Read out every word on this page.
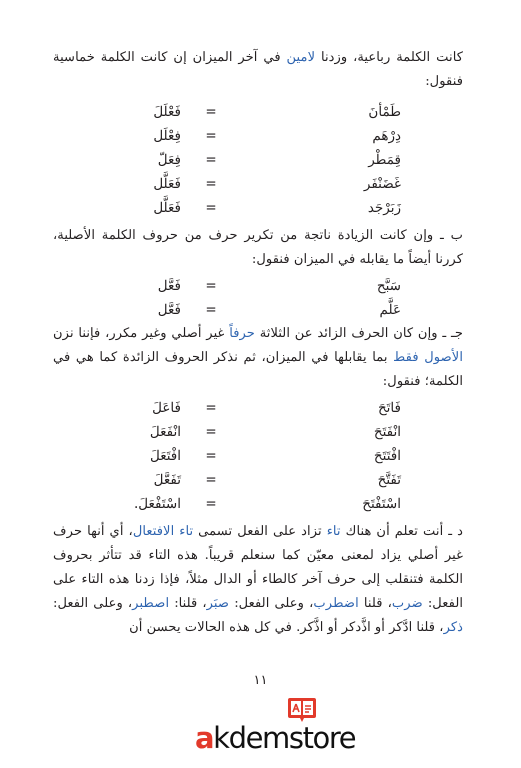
كانت الكلمة رباعية، وزدنا لامين في آخر الميزان إن كانت الكلمة خماسية فنقول:
طَمْأنَ
=
فَعْلَلَ
دِرْهَم
=
فِعْلَل
قِمَطْر
=
فِعَلّ
غَضَنْفَر
=
فَعَلَّل
زَبَرْجَد
=
فَعَلَّل
ب ـ وإن كانت الزيادة ناتجة من تكرير حرف من حروف الكلمة الأصلية، كررنا أيضاً ما يقابله في الميزان فنقول:
سَبَّح
=
فَعَّل
عَلَّم
=
فَعَّل
جـ ـ وإن كان الحرف الزائد عن الثلاثة حرفاً غير أصلي وغير مكرر، فإننا نزن الأصول فقط بما يقابلها في الميزان، ثم نذكر الحروف الزائدة كما هي في الكلمة؛ فنقول:
فَاتَحَ
=
فَاعَلَ
انْفَتَحَ
=
انْفَعَلَ
افْتَتَحَ
=
افْتَعَلَ
تَفَتَّحَ
=
تَفَعَّلَ
اسْتَفْتَحَ
=
اسْتَفْعَلَ.
د ـ أنت تعلم أن هناك تاء تزاد على الفعل تسمى تاء الافتعال، أي أنها حرف غير أصلي يزاد لمعنى معيّن كما سنعلم قريباً. هذه التاء قد تتأثر بحروف الكلمة فتنقلب إلى حرف آخر كالطاء أو الدال مثلاً، فإذا زدنا هذه التاء على الفعل: ضرب، قلنا اضطرب، وعلى الفعل: صبَر، قلنا: اصطبر، وعلى الفعل: ذكر، قلنا ادَّكر أو اذَّدكر أو اذَّكر. في كل هذه الحالات يحسن أن
١١
akdemstore
